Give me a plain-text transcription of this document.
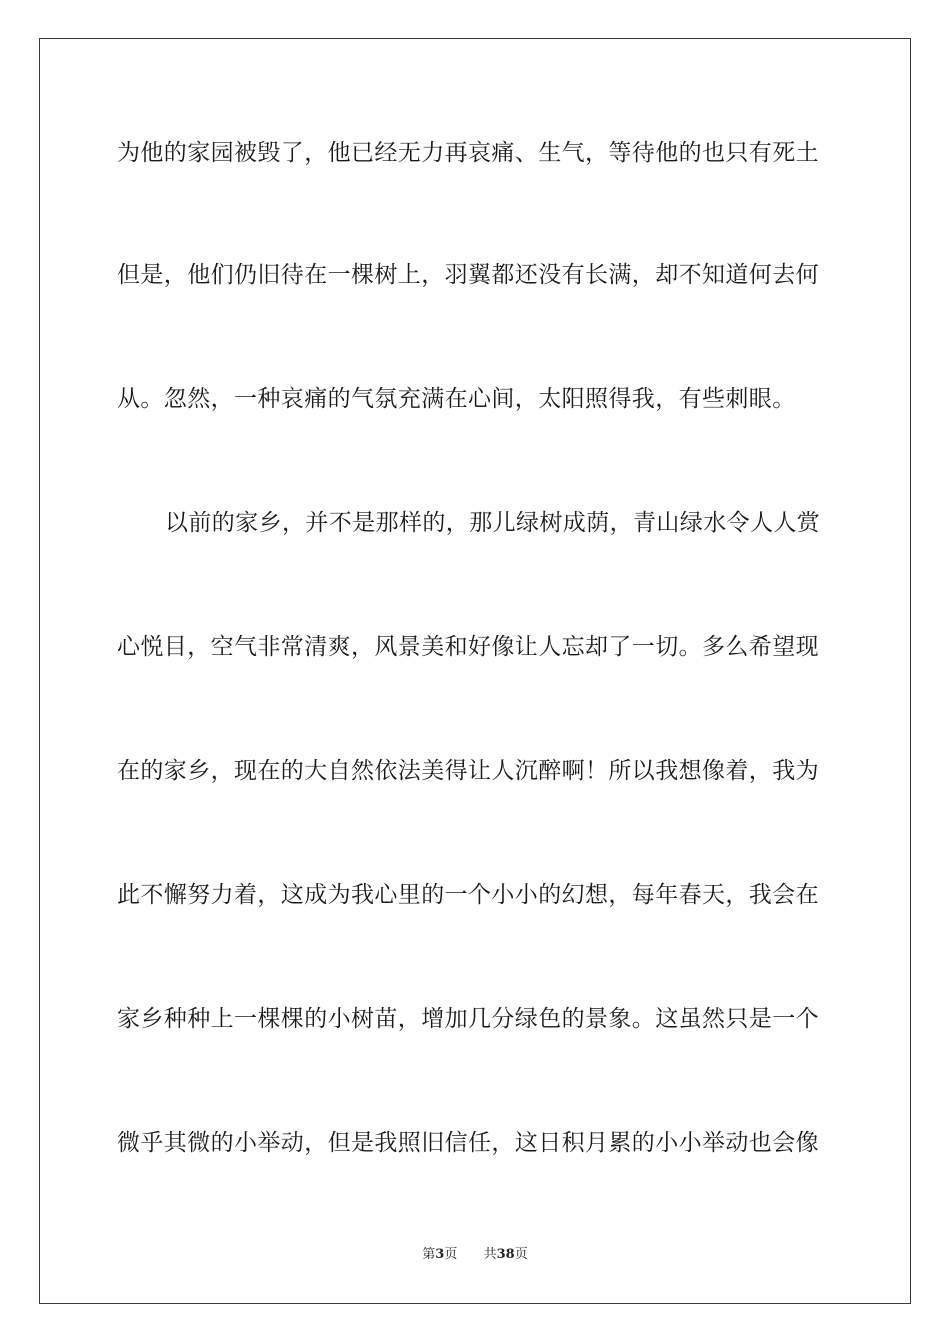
为他的家园被毁了，他已经无力再哀痛、生气，等待他的也只有死土
但是，他们仍旧待在一棵树上，羽翼都还没有长满，却不知道何去何
从。忽然，一种哀痛的气氛充满在心间，太阳照得我，有些刺眼。
以前的家乡，并不是那样的，那儿绿树成荫，青山绿水令人人赏
心悦目，空气非常清爽，风景美和好像让人忘却了一切。多么希望现
在的家乡，现在的大自然依法美得让人沉醉啊！所以我想像着，我为
此不懈努力着，这成为我心里的一个小小的幻想，每年春天，我会在
家乡种种上一棵棵的小树苗，增加几分绿色的景象。这虽然只是一个
微乎其微的小举动，但是我照旧信任，这日积月累的小小举动也会像
第3页 共38页
